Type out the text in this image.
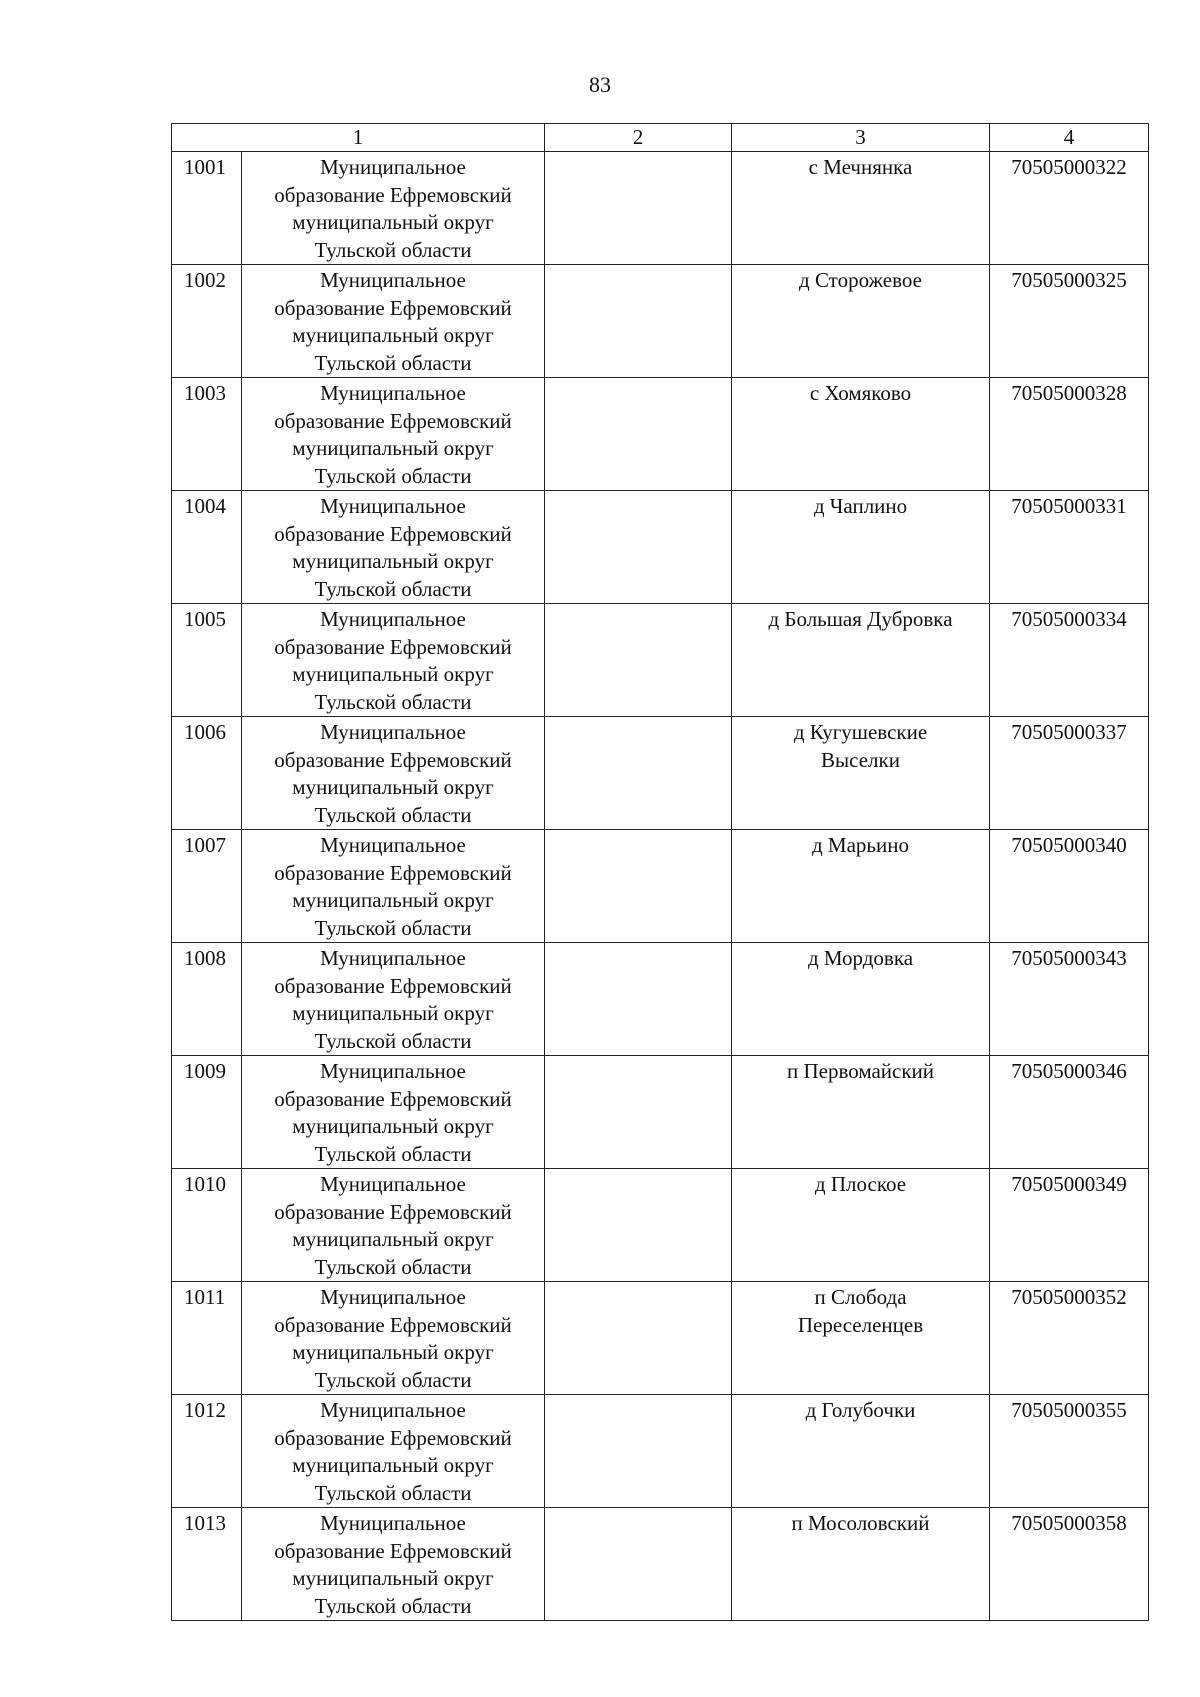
83
1		2	3	4
1001	Муниципальное
образование Ефремовский
муниципальный округ
Тульской области		с Мечнянка	70505000322
1002	Муниципальное
образование Ефремовский
муниципальный округ
Тульской области		д Сторожевое	70505000325
1003	Муниципальное
образование Ефремовский
муниципальный округ
Тульской области		с Хомяково	70505000328
1004	Муниципальное
образование Ефремовский
муниципальный округ
Тульской области		д Чаплино	70505000331
1005	Муниципальное
образование Ефремовский
муниципальный округ
Тульской области		д Большая Дубровка	70505000334
1006	Муниципальное
образование Ефремовский
муниципальный округ
Тульской области		д Кугушевские
Выселки	70505000337
1007	Муниципальное
образование Ефремовский
муниципальный округ
Тульской области		д Марьино	70505000340
1008	Муниципальное
образование Ефремовский
муниципальный округ
Тульской области		д Мордовка	70505000343
1009	Муниципальное
образование Ефремовский
муниципальный округ
Тульской области		п Первомайский	70505000346
1010	Муниципальное
образование Ефремовский
муниципальный округ
Тульской области		д Плоское	70505000349
1011	Муниципальное
образование Ефремовский
муниципальный округ
Тульской области		п Слобода
Переселенцев	70505000352
1012	Муниципальное
образование Ефремовский
муниципальный округ
Тульской области		д Голубочки	70505000355
1013	Муниципальное
образование Ефремовский
муниципальный округ
Тульской области		п Мосоловский	70505000358
